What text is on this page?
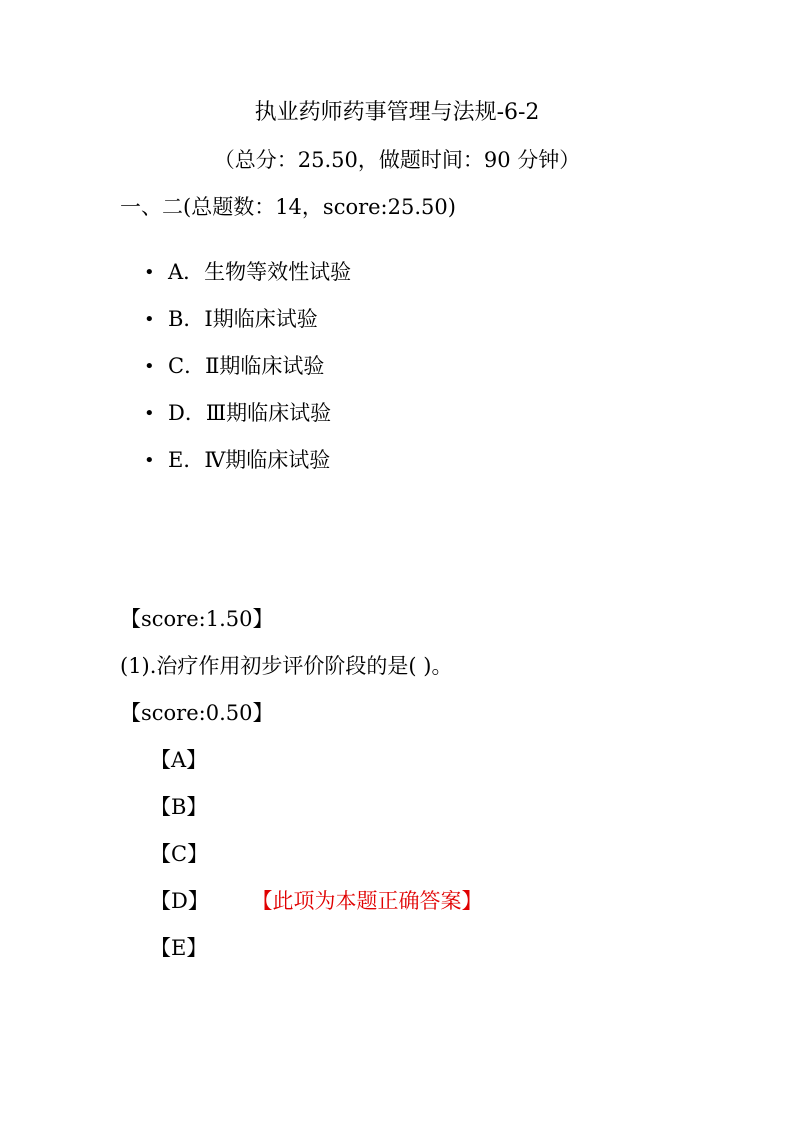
执业药师药事管理与法规-6-2
（总分：25.50，做题时间：90 分钟）
一、二(总题数：14，score:25.50)
• A．生物等效性试验
• B．Ⅰ期临床试验
• C．Ⅱ期临床试验
• D．Ⅲ期临床试验
• E．Ⅳ期临床试验
【score:1.50】
(1).治疗作用初步评价阶段的是( )。
【score:0.50】
【A】
【B】
【C】
【D】 【此项为本题正确答案】
【E】
